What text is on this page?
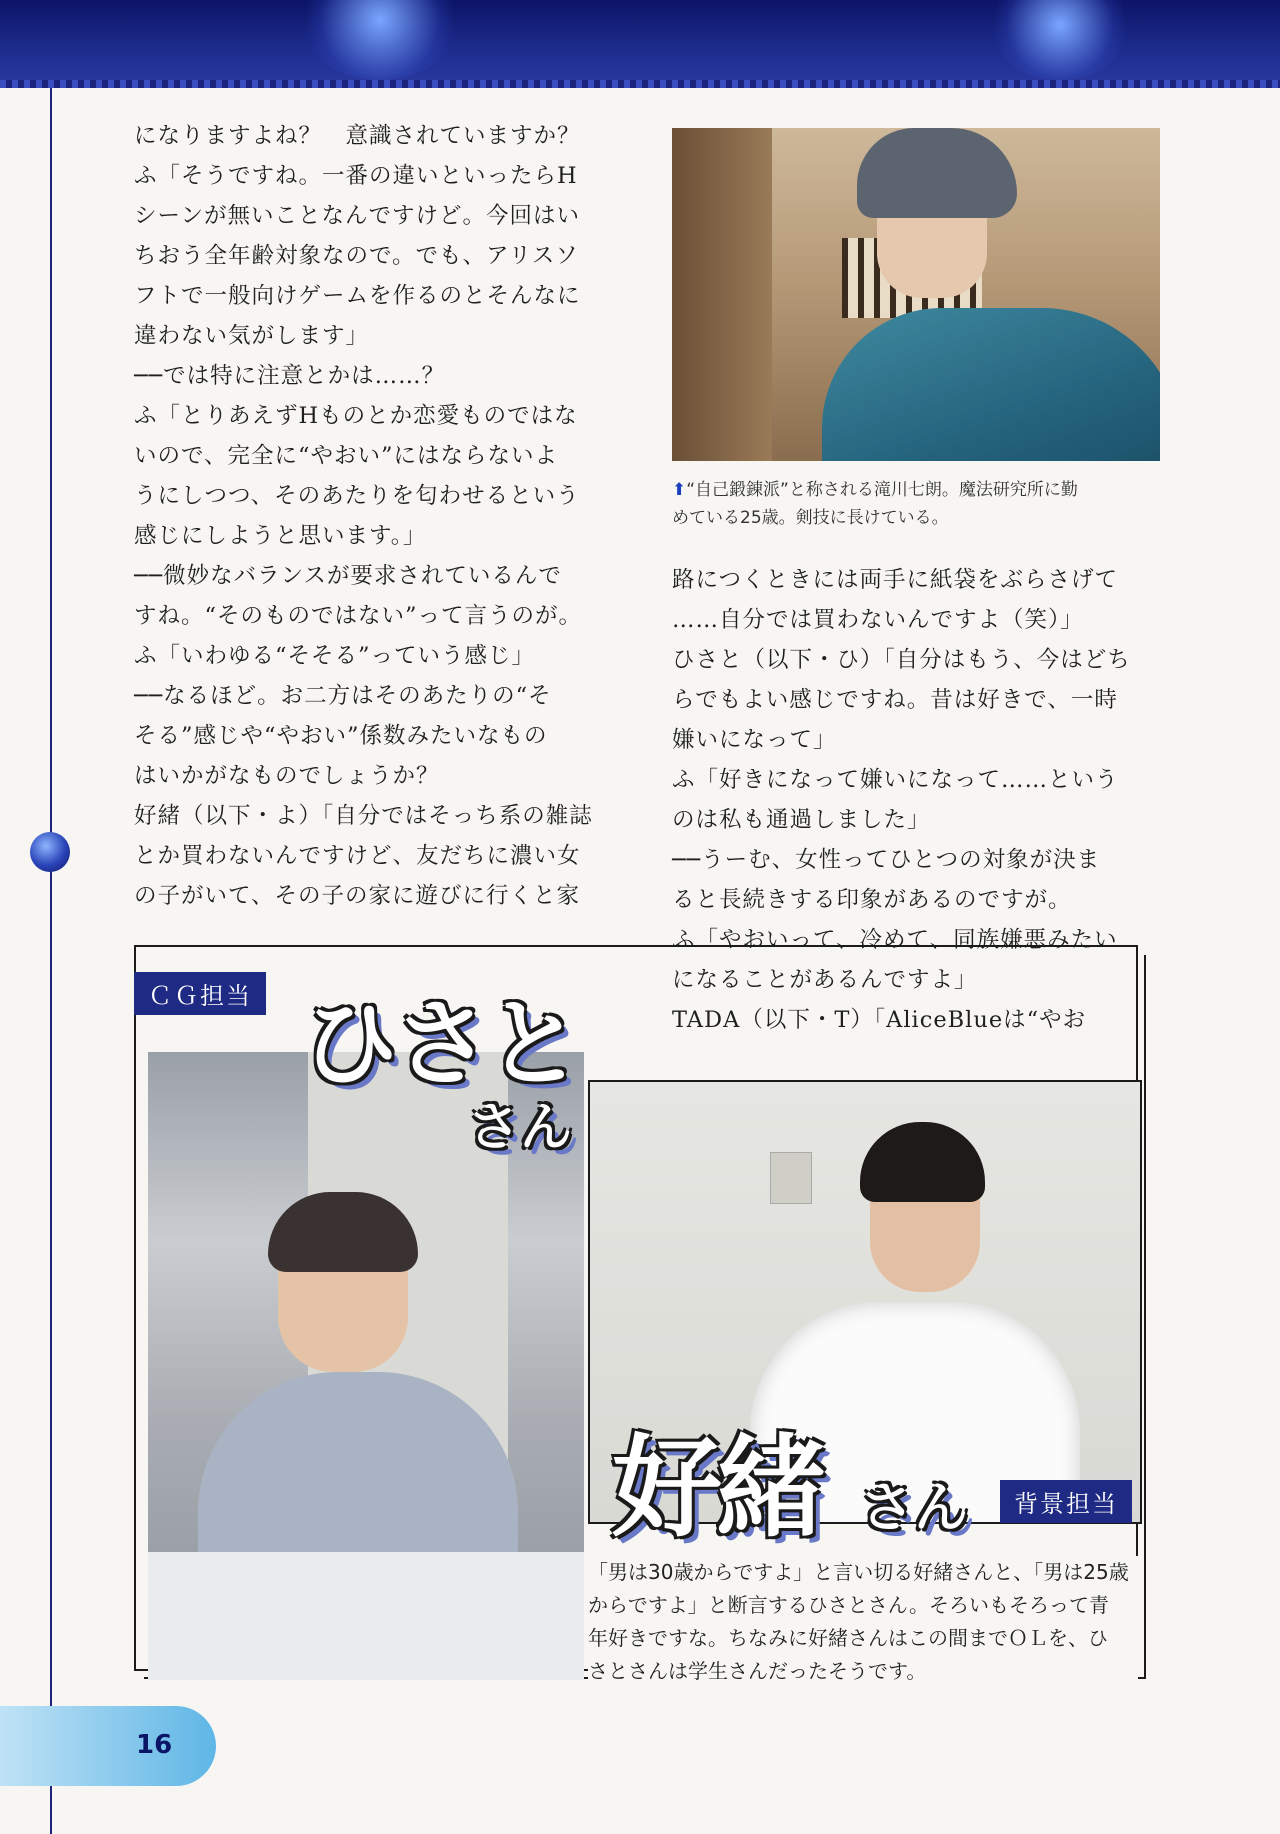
になりますよね？　意識されていますか？

ふ「そうですね。一番の違いといったらH

シーンが無いことなんですけど。今回はい

ちおう全年齢対象なので。でも、アリスソ

フトで一般向けゲームを作るのとそんなに

違わない気がします」

──では特に注意とかは……？

ふ「とりあえずHものとか恋愛ものではな

いので、完全に“やおい”にはならないよ

うにしつつ、そのあたりを匂わせるという

感じにしようと思います。」

──微妙なバランスが要求されているんで

すね。“そのものではない”って言うのが。

ふ「いわゆる“そそる”っていう感じ」

──なるほど。お二方はそのあたりの“そ

そる”感じや“やおい”係数みたいなもの

はいかがなものでしょうか？

好緒（以下・よ）「自分ではそっち系の雑誌

とか買わないんですけど、友だちに濃い女

の子がいて、その子の家に遊びに行くと家

⬆“自己鍛錬派”と称される滝川七朗。魔法研究所に勤

めている25歳。剣技に長けている。

路につくときには両手に紙袋をぶらさげて

……自分では買わないんですよ（笑）」

ひさと（以下・ひ）「自分はもう、今はどち

らでもよい感じですね。昔は好きで、一時

嫌いになって」

ふ「好きになって嫌いになって……という

のは私も通過しました」

──うーむ、女性ってひとつの対象が決ま

ると長続きする印象があるのですが。

ふ「やおいって、冷めて、同族嫌悪みたい

になることがあるんですよ」

TADA（以下・T）「AliceBlueは“やお

ＣＧ担当 ひさと
さん
好緒 さん	背景担当

「男は30歳からですよ」と言い切る好緒さんと、「男は25歳

からですよ」と断言するひさとさん。そろいもそろって青

年好きですな。ちなみに好緒さんはこの間までＯＬを、ひ

さとさんは学生さんだったそうです。

16
